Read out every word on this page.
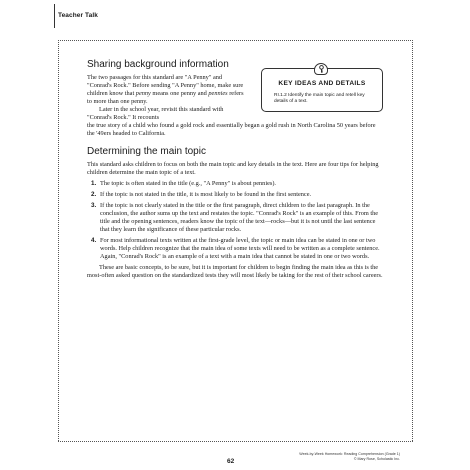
Teacher Talk
KEY IDEAS AND DETAILS
RI.1.2 Identify the main topic and retell key details of a text.
Sharing background information

The two passages for this standard are "A Penny" and "Conrad's Rock." Before sending "A Penny" home, make sure children know that penny means one penny and pennies refers to more than one penny.

Later in the school year, revisit this standard with "Conrad's Rock." It recounts

the true story of a child who found a gold rock and essentially began a gold rush in North Carolina 50 years before the '49ers headed to California.

Determining the main topic

This standard asks children to focus on both the main topic and key details in the text. Here are four tips for helping children determine the main topic of a text.

1. The topic is often stated in the title (e.g., "A Penny" is about pennies).
2. If the topic is not stated in the title, it is most likely to be found in the first sentence.
3. If the topic is not clearly stated in the title or the first paragraph, direct children to the last paragraph. In the conclusion, the author sums up the text and restates the topic. "Conrad's Rock" is an example of this. From the title and the opening sentences, readers know the topic of the text—rocks—but it is not until the last sentence that they learn the significance of these particular rocks.
4. For most informational texts written at the first-grade level, the topic or main idea can be stated in one or two words. Help children recognize that the main idea of some texts will need to be written as a complete sentence. Again, "Conrad's Rock" is an example of a text with a main idea that cannot be stated in one or two words.

These are basic concepts, to be sure, but it is important for children to begin finding the main idea as this is the most-often asked question on the standardized tests they will most likely be taking for the rest of their school careers.

62
Week-by-Week Homework: Reading Comprehension (Grade 1)
© Mary Rose, Scholastic Inc.
